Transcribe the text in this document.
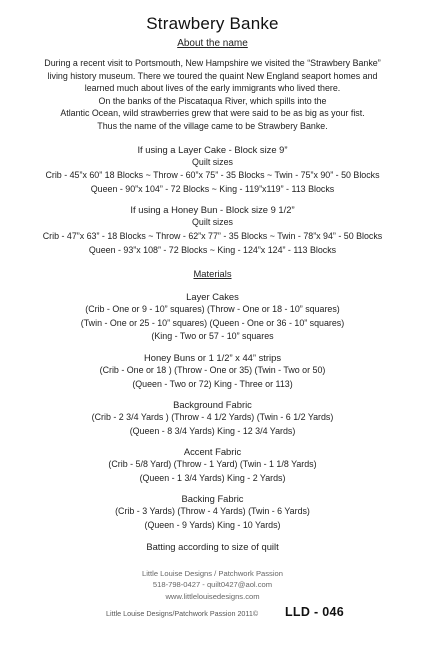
Strawbery Banke
About the name
During a recent visit to Portsmouth, New Hampshire we visited the “Strawbery Banke”
living history museum. There we toured the quaint New England seaport homes and
learned much about lives of the early immigrants who lived there.
On the banks of the Piscataqua River, which spills into the
Atlantic Ocean, wild strawberries grew that were said to be as big as your fist.
Thus the name of the village came to be Strawbery Banke.
If using a Layer Cake - Block size 9”
Quilt sizes
Crib - 45”x 60” 18 Blocks ~ Throw - 60”x 75” - 35 Blocks ~ Twin - 75”x 90” - 50 Blocks
Queen - 90”x 104” - 72 Blocks ~ King - 119”x119” - 113 Blocks
If using a Honey Bun - Block size 9 1/2”
Quilt sizes
Crib - 47”x 63” - 18 Blocks ~ Throw - 62”x 77” - 35 Blocks ~ Twin - 78”x 94” - 50 Blocks
Queen - 93”x 108” - 72 Blocks ~ King - 124”x 124” - 113 Blocks
Materials
Layer Cakes
(Crib - One or 9 - 10” squares) (Throw - One or 18 - 10” squares)
(Twin - One or 25 - 10” squares) (Queen - One or 36 - 10” squares)
(King - Two or 57 - 10” squares
Honey Buns or 1 1/2” x 44” strips
(Crib - One or 18 ) (Throw - One or 35) (Twin - Two or 50)
(Queen - Two or 72) King - Three or 113)
Background Fabric
(Crib - 2 3/4 Yards ) (Throw - 4 1/2 Yards) (Twin - 6 1/2 Yards)
(Queen - 8 3/4 Yards) King - 12 3/4 Yards)
Accent Fabric
(Crib - 5/8 Yard) (Throw - 1 Yard) (Twin - 1 1/8 Yards)
(Queen - 1 3/4 Yards) King - 2 Yards)
Backing Fabric
(Crib - 3 Yards) (Throw - 4 Yards) (Twin - 6 Yards)
(Queen - 9 Yards) King - 10 Yards)
Batting according to size of quilt
Little Louise Designs / Patchwork Passion
518-798-0427 - quilt0427@aol.com
www.littlelouisedesigns.com
Little Louise Designs/Patchwork Passion 2011© LLD - 046
